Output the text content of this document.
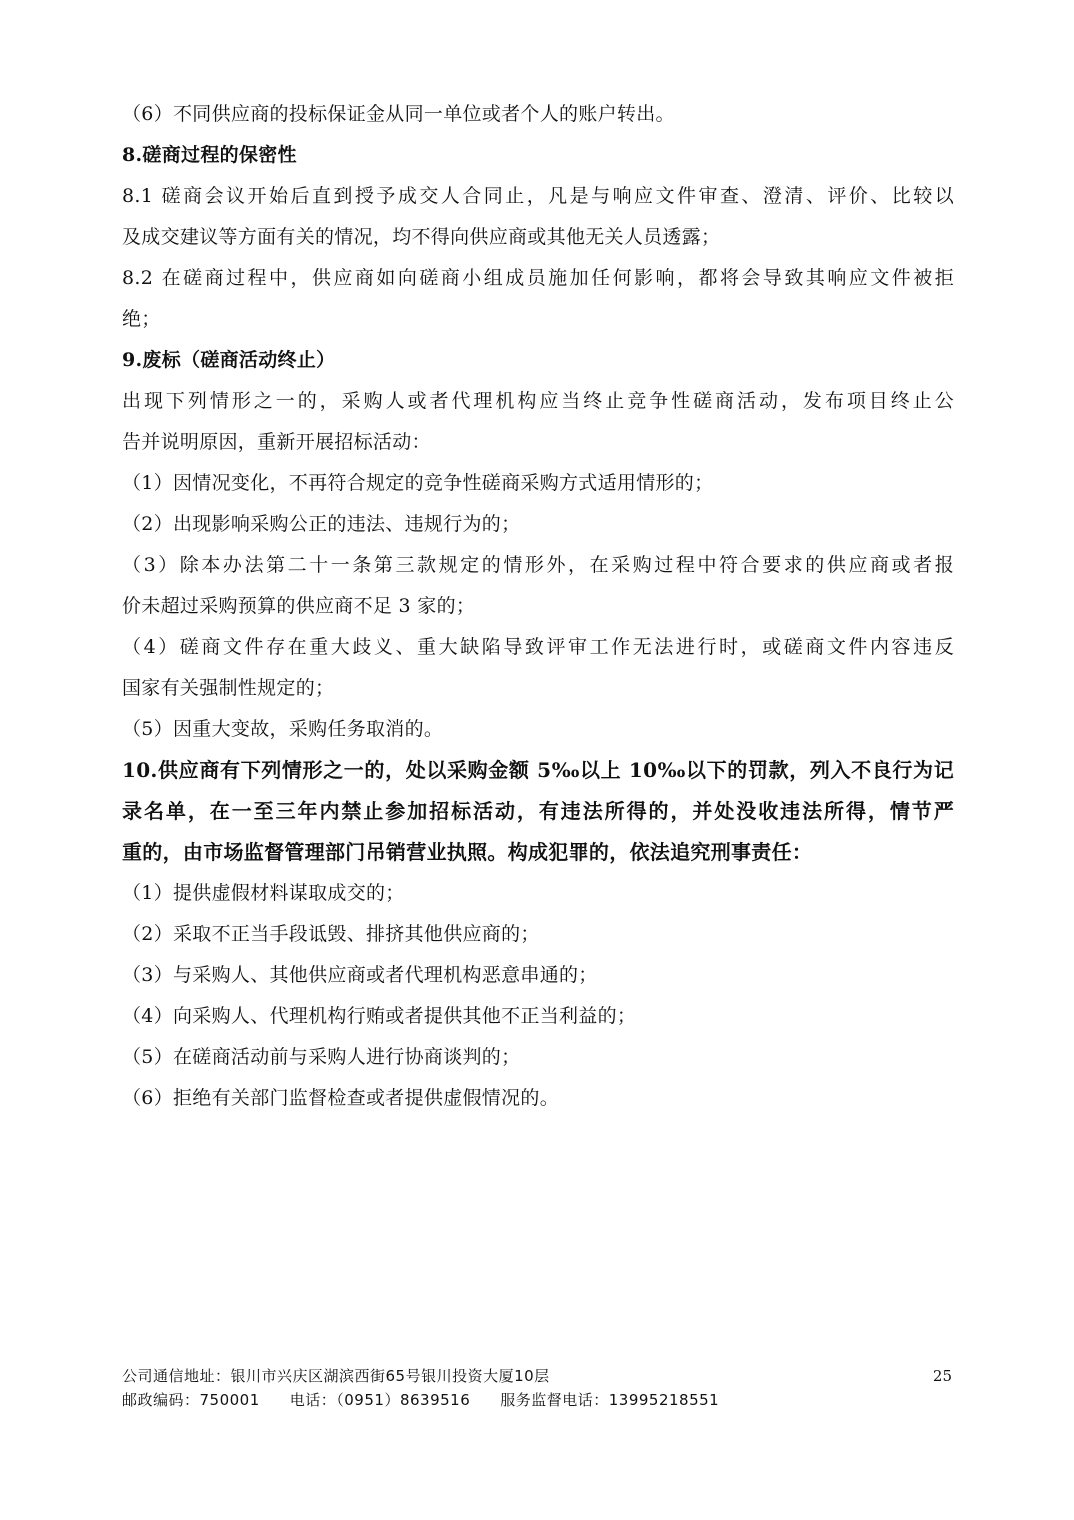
（6）不同供应商的投标保证金从同一单位或者个人的账户转出。
8.磋商过程的保密性
8.1 磋商会议开始后直到授予成交人合同止，凡是与响应文件审查、澄清、评价、比较以
及成交建议等方面有关的情况，均不得向供应商或其他无关人员透露；
8.2 在磋商过程中，供应商如向磋商小组成员施加任何影响，都将会导致其响应文件被拒
绝；
9.废标（磋商活动终止）
出现下列情形之一的，采购人或者代理机构应当终止竞争性磋商活动，发布项目终止公
告并说明原因，重新开展招标活动：
（1）因情况变化，不再符合规定的竞争性磋商采购方式适用情形的；
（2）出现影响采购公正的违法、违规行为的；
（3）除本办法第二十一条第三款规定的情形外，在采购过程中符合要求的供应商或者报
价未超过采购预算的供应商不足 3 家的；
（4）磋商文件存在重大歧义、重大缺陷导致评审工作无法进行时，或磋商文件内容违反
国家有关强制性规定的；
（5）因重大变故，采购任务取消的。
10.供应商有下列情形之一的，处以采购金额 5‰以上 10‰以下的罚款，列入不良行为记
录名单，在一至三年内禁止参加招标活动，有违法所得的，并处没收违法所得，情节严
重的，由市场监督管理部门吊销营业执照。构成犯罪的，依法追究刑事责任：
（1）提供虚假材料谋取成交的；
（2）采取不正当手段诋毁、排挤其他供应商的；
（3）与采购人、其他供应商或者代理机构恶意串通的；
（4）向采购人、代理机构行贿或者提供其他不正当利益的；
（5）在磋商活动前与采购人进行协商谈判的；
（6）拒绝有关部门监督检查或者提供虚假情况的。
公司通信地址：银川市兴庆区湖滨西街65号银川投资大厦10层
邮政编码：750001 电话：（0951）8639516 服务监督电话：13995218551
25
